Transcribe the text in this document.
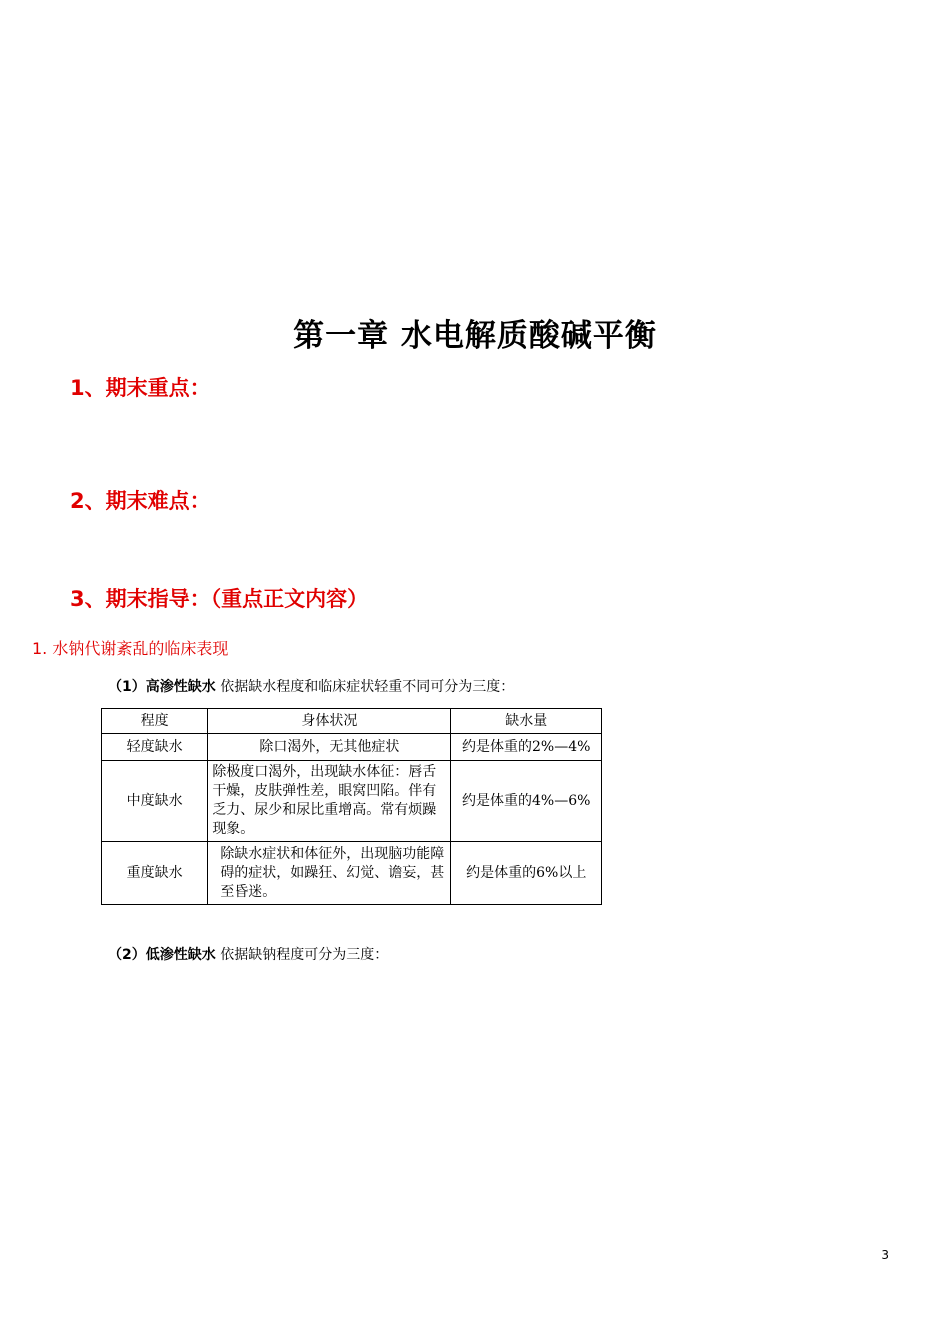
第一章 水电解质酸碱平衡
1、期末重点：
2、期末难点：
3、期末指导：（重点正文内容）
1. 水钠代谢紊乱的临床表现
（1）高渗性缺水 依据缺水程度和临床症状轻重不同可分为三度：
程度	身体状况	缺水量
轻度缺水	除口渴外，无其他症状	约是体重的2%—4%
中度缺水	除极度口渴外，出现缺水体征：唇舌干燥，皮肤弹性差，眼窝凹陷。伴有乏力、尿少和尿比重增高。常有烦躁现象。	约是体重的4%—6%
重度缺水	除缺水症状和体征外，出现脑功能障碍的症状，如躁狂、幻觉、谵妄，甚至昏迷。	约是体重的6%以上
（2）低渗性缺水 依据缺钠程度可分为三度：
3
